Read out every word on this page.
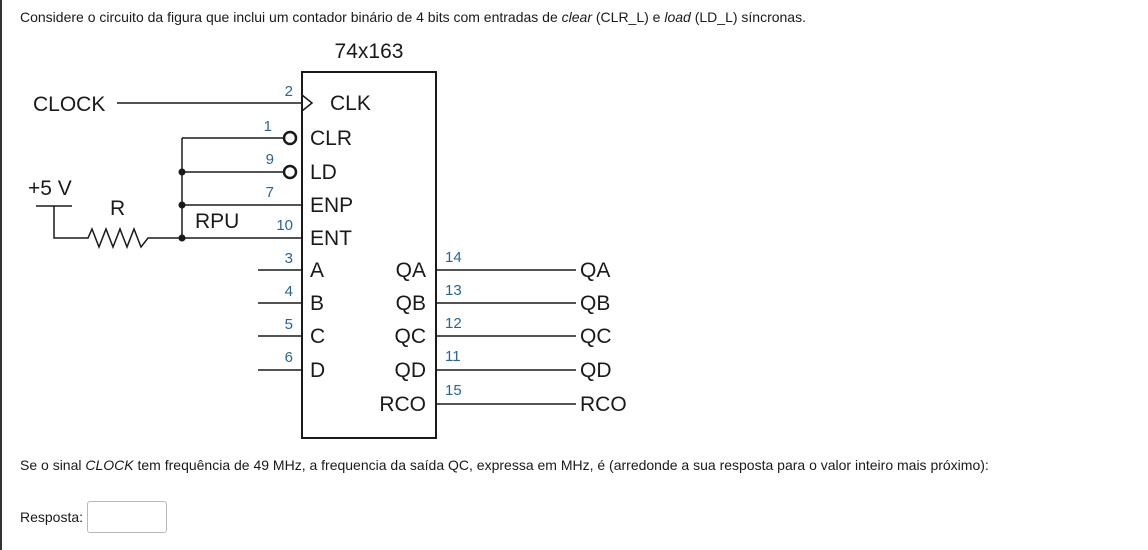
Considere o circuito da figura que inclui um contador binário de 4 bits com entradas de clear (CLR_L) e load (LD_L) síncronas.
74x163
CLOCK
+5 V
R
RPU
2
1
9
7
10
3
4
5
6
CLK
CLR
LD
ENP
ENT
A
B
C
D
QA
QB
QC
QD
RCO
14
13
12
11
15
QA
QB
QC
QD
RCO
Se o sinal CLOCK tem frequência de 49 MHz, a frequencia da saída QC, expressa em MHz, é (arredonde a sua resposta para o valor inteiro mais próximo):
Resposta:
